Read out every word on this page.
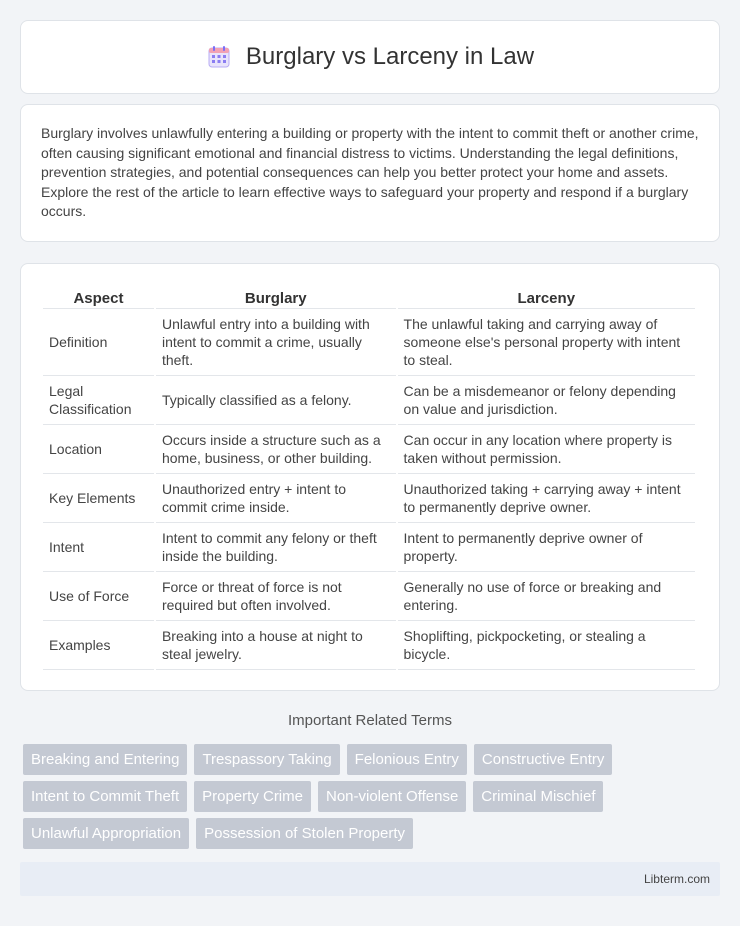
Burglary vs Larceny in Law

Burglary involves unlawfully entering a building or property with the intent to commit theft or another crime, often causing significant emotional and financial distress to victims. Understanding the legal definitions, prevention strategies, and potential consequences can help you better protect your home and assets. Explore the rest of the article to learn effective ways to safeguard your property and respond if a burglary occurs.

Aspect	Burglary	Larceny
Definition	Unlawful entry into a building with intent to commit a crime, usually theft.	The unlawful taking and carrying away of someone else's personal property with intent to steal.
Legal Classification	Typically classified as a felony.	Can be a misdemeanor or felony depending on value and jurisdiction.
Location	Occurs inside a structure such as a home, business, or other building.	Can occur in any location where property is taken without permission.
Key Elements	Unauthorized entry + intent to commit crime inside.	Unauthorized taking + carrying away + intent to permanently deprive owner.
Intent	Intent to commit any felony or theft inside the building.	Intent to permanently deprive owner of property.
Use of Force	Force or threat of force is not required but often involved.	Generally no use of force or breaking and entering.
Examples	Breaking into a house at night to steal jewelry.	Shoplifting, pickpocketing, or stealing a bicycle.
Important Related Terms
Breaking and Entering	Trespassory Taking	Felonious Entry	Constructive Entry
Intent to Commit Theft	Property Crime	Non-violent Offense	Criminal Mischief
Unlawful Appropriation	Possession of Stolen Property
Libterm.com
